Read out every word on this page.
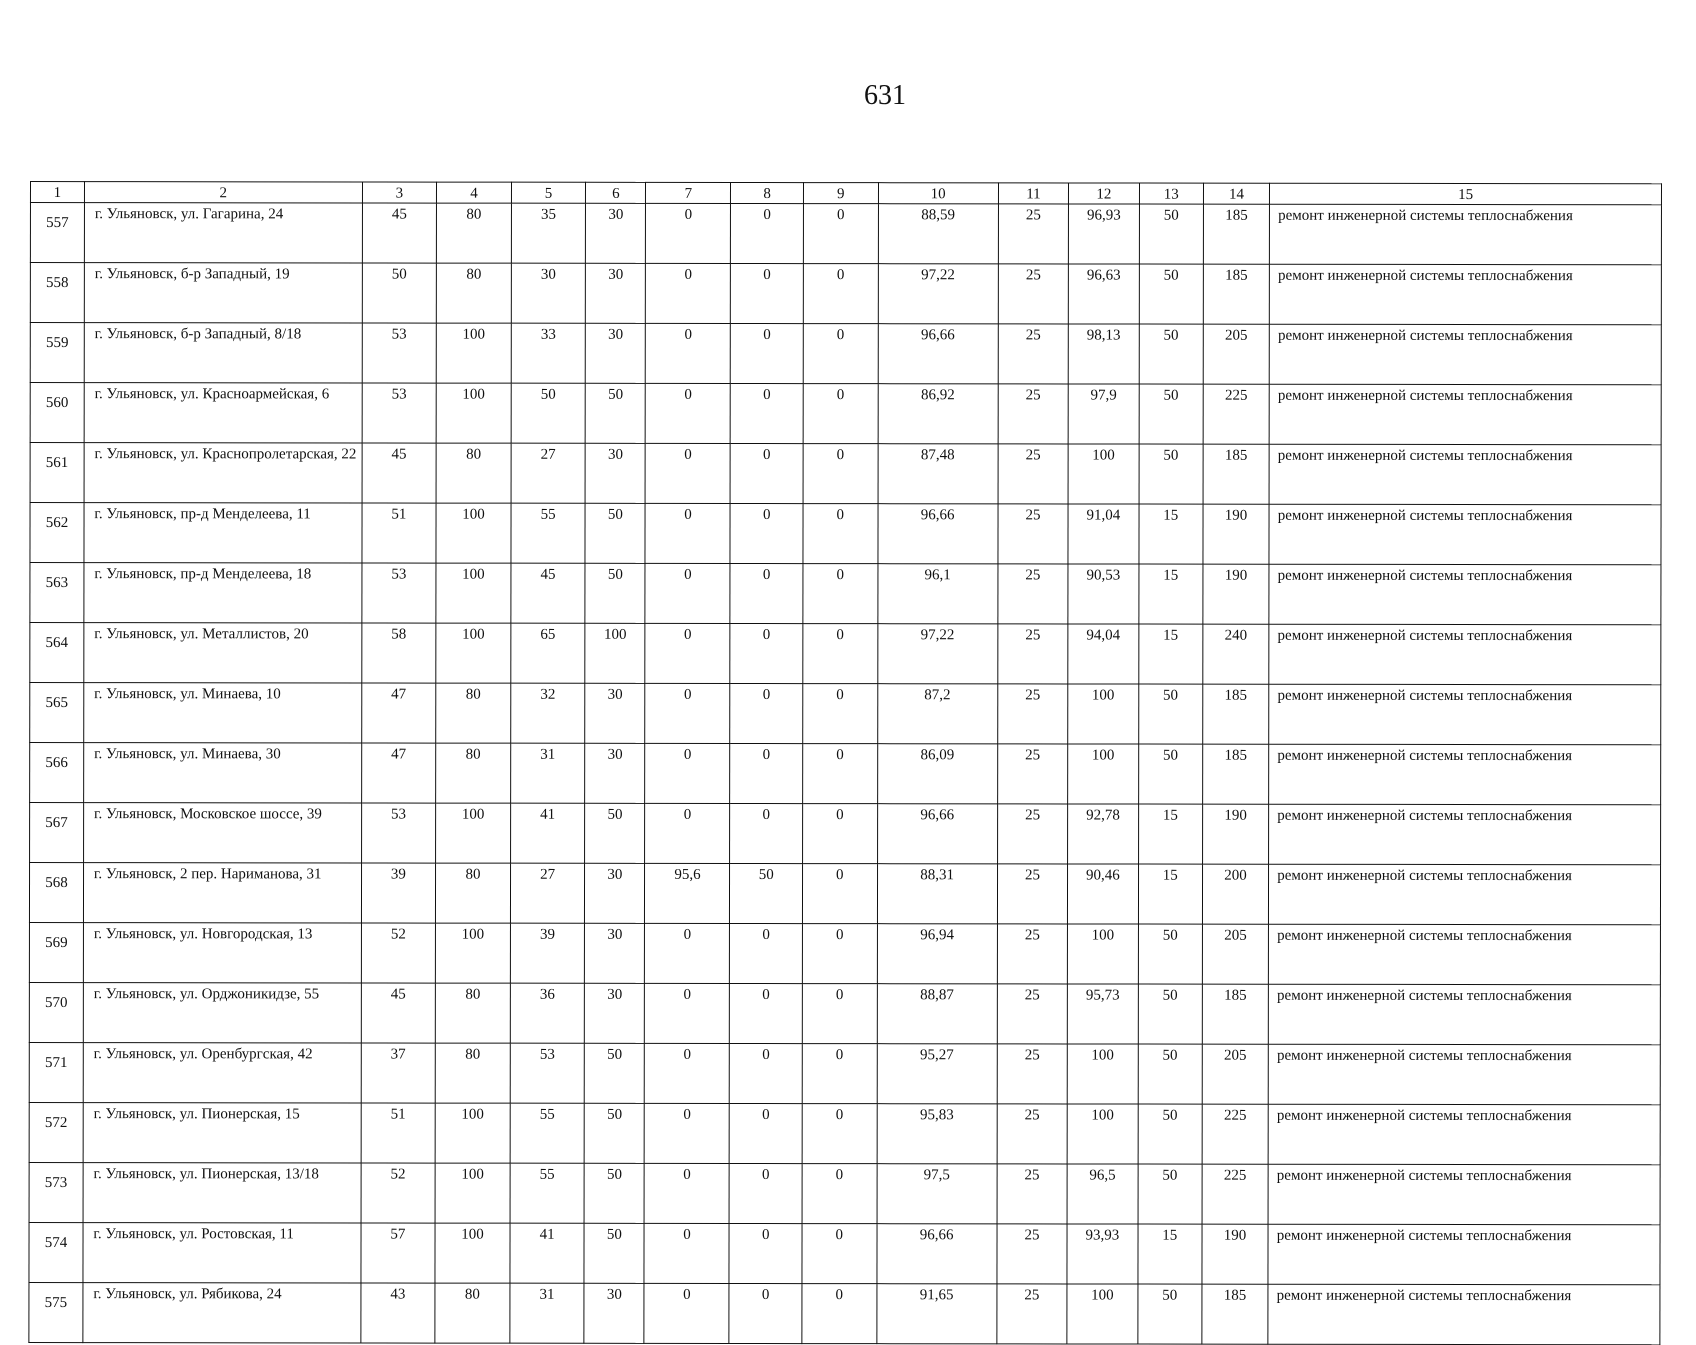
631
1	2	3	4	5	6	7	8	9	10	11	12	13	14	15
557	г. Ульяновск, ул. Гагарина, 24	45	80	35	30	0	0	0	88,59	25	96,93	50	185	ремонт инженерной системы теплоснабжения
558	г. Ульяновск, б-р Западный, 19	50	80	30	30	0	0	0	97,22	25	96,63	50	185	ремонт инженерной системы теплоснабжения
559	г. Ульяновск, б-р Западный, 8/18	53	100	33	30	0	0	0	96,66	25	98,13	50	205	ремонт инженерной системы теплоснабжения
560	г. Ульяновск, ул. Красноармейская, 6	53	100	50	50	0	0	0	86,92	25	97,9	50	225	ремонт инженерной системы теплоснабжения
561	г. Ульяновск, ул. Краснопролетарская, 22	45	80	27	30	0	0	0	87,48	25	100	50	185	ремонт инженерной системы теплоснабжения
562	г. Ульяновск, пр-д Менделеева, 11	51	100	55	50	0	0	0	96,66	25	91,04	15	190	ремонт инженерной системы теплоснабжения
563	г. Ульяновск, пр-д Менделеева, 18	53	100	45	50	0	0	0	96,1	25	90,53	15	190	ремонт инженерной системы теплоснабжения
564	г. Ульяновск, ул. Металлистов, 20	58	100	65	100	0	0	0	97,22	25	94,04	15	240	ремонт инженерной системы теплоснабжения
565	г. Ульяновск, ул. Минаева, 10	47	80	32	30	0	0	0	87,2	25	100	50	185	ремонт инженерной системы теплоснабжения
566	г. Ульяновск, ул. Минаева, 30	47	80	31	30	0	0	0	86,09	25	100	50	185	ремонт инженерной системы теплоснабжения
567	г. Ульяновск, Московское шоссе, 39	53	100	41	50	0	0	0	96,66	25	92,78	15	190	ремонт инженерной системы теплоснабжения
568	г. Ульяновск, 2 пер. Нариманова, 31	39	80	27	30	95,6	50	0	88,31	25	90,46	15	200	ремонт инженерной системы теплоснабжения
569	г. Ульяновск, ул. Новгородская, 13	52	100	39	30	0	0	0	96,94	25	100	50	205	ремонт инженерной системы теплоснабжения
570	г. Ульяновск, ул. Орджоникидзе, 55	45	80	36	30	0	0	0	88,87	25	95,73	50	185	ремонт инженерной системы теплоснабжения
571	г. Ульяновск, ул. Оренбургская, 42	37	80	53	50	0	0	0	95,27	25	100	50	205	ремонт инженерной системы теплоснабжения
572	г. Ульяновск, ул. Пионерская, 15	51	100	55	50	0	0	0	95,83	25	100	50	225	ремонт инженерной системы теплоснабжения
573	г. Ульяновск, ул. Пионерская, 13/18	52	100	55	50	0	0	0	97,5	25	96,5	50	225	ремонт инженерной системы теплоснабжения
574	г. Ульяновск, ул. Ростовская, 11	57	100	41	50	0	0	0	96,66	25	93,93	15	190	ремонт инженерной системы теплоснабжения
575	г. Ульяновск, ул. Рябикова, 24	43	80	31	30	0	0	0	91,65	25	100	50	185	ремонт инженерной системы теплоснабжения
